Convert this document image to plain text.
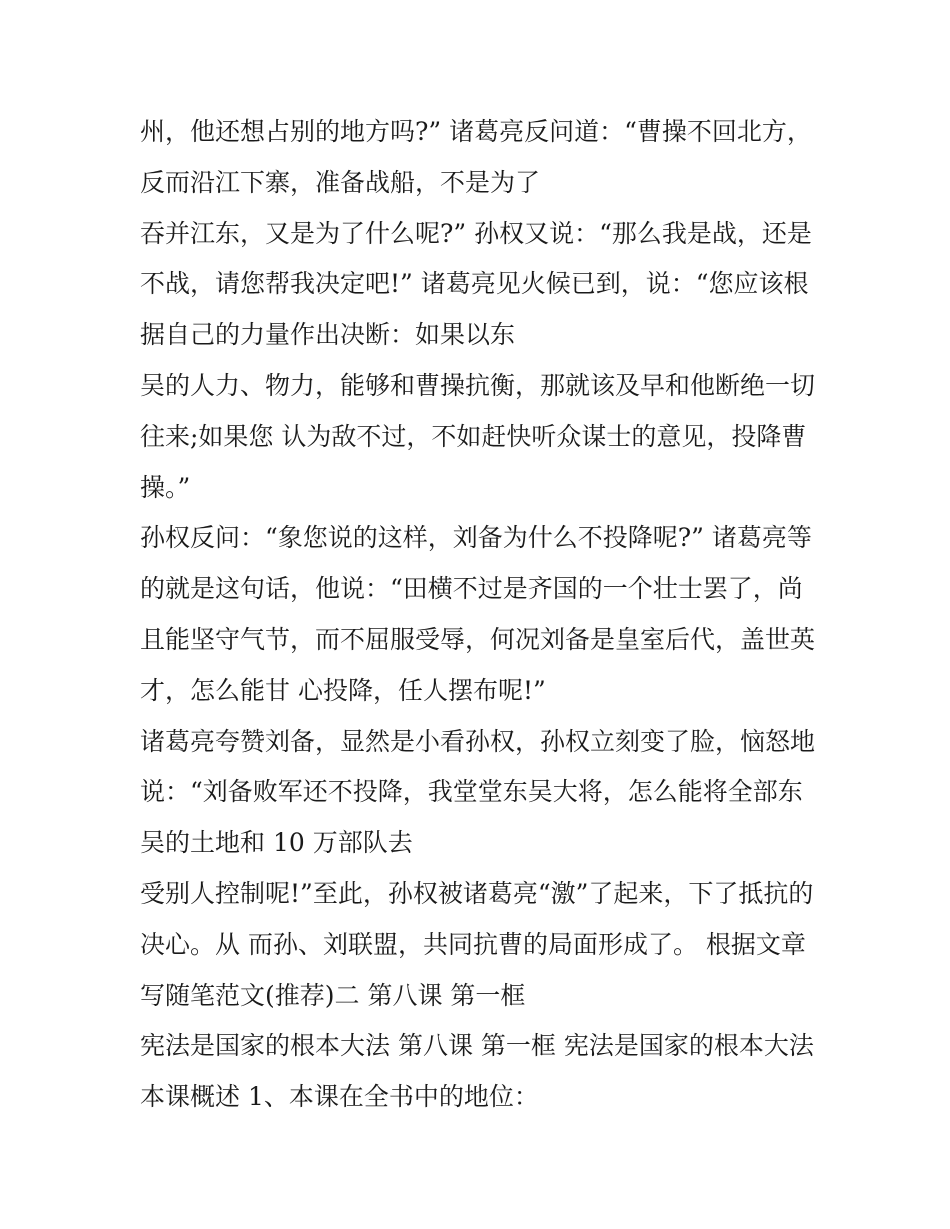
州，他还想占别的地方吗?” 诸葛亮反问道：“曹操不回北方，
反而沿江下寨，准备战船，不是为了
吞并江东，又是为了什么呢?” 孙权又说：“那么我是战，还是
不战，请您帮我决定吧!” 诸葛亮见火候已到，说：“您应该根
据自己的力量作出决断：如果以东
吴的人力、物力，能够和曹操抗衡，那就该及早和他断绝一切
往来;如果您 认为敌不过，不如赶快听众谋士的意见，投降曹
操。”
孙权反问：“象您说的这样，刘备为什么不投降呢?” 诸葛亮等
的就是这句话，他说：“田横不过是齐国的一个壮士罢了，尚
且能坚守气节，而不屈服受辱，何况刘备是皇室后代，盖世英
才，怎么能甘 心投降，任人摆布呢!”
诸葛亮夸赞刘备，显然是小看孙权，孙权立刻变了脸，恼怒地
说：“刘备败军还不投降，我堂堂东吴大将，怎么能将全部东
吴的土地和 10 万部队去
受别人控制呢!”至此，孙权被诸葛亮“激”了起来，下了抵抗的
决心。从 而孙、刘联盟，共同抗曹的局面形成了。 根据文章
写随笔范文(推荐)二 第八课 第一框
宪法是国家的根本大法 第八课 第一框 宪法是国家的根本大法
本课概述 1、本课在全书中的地位：
